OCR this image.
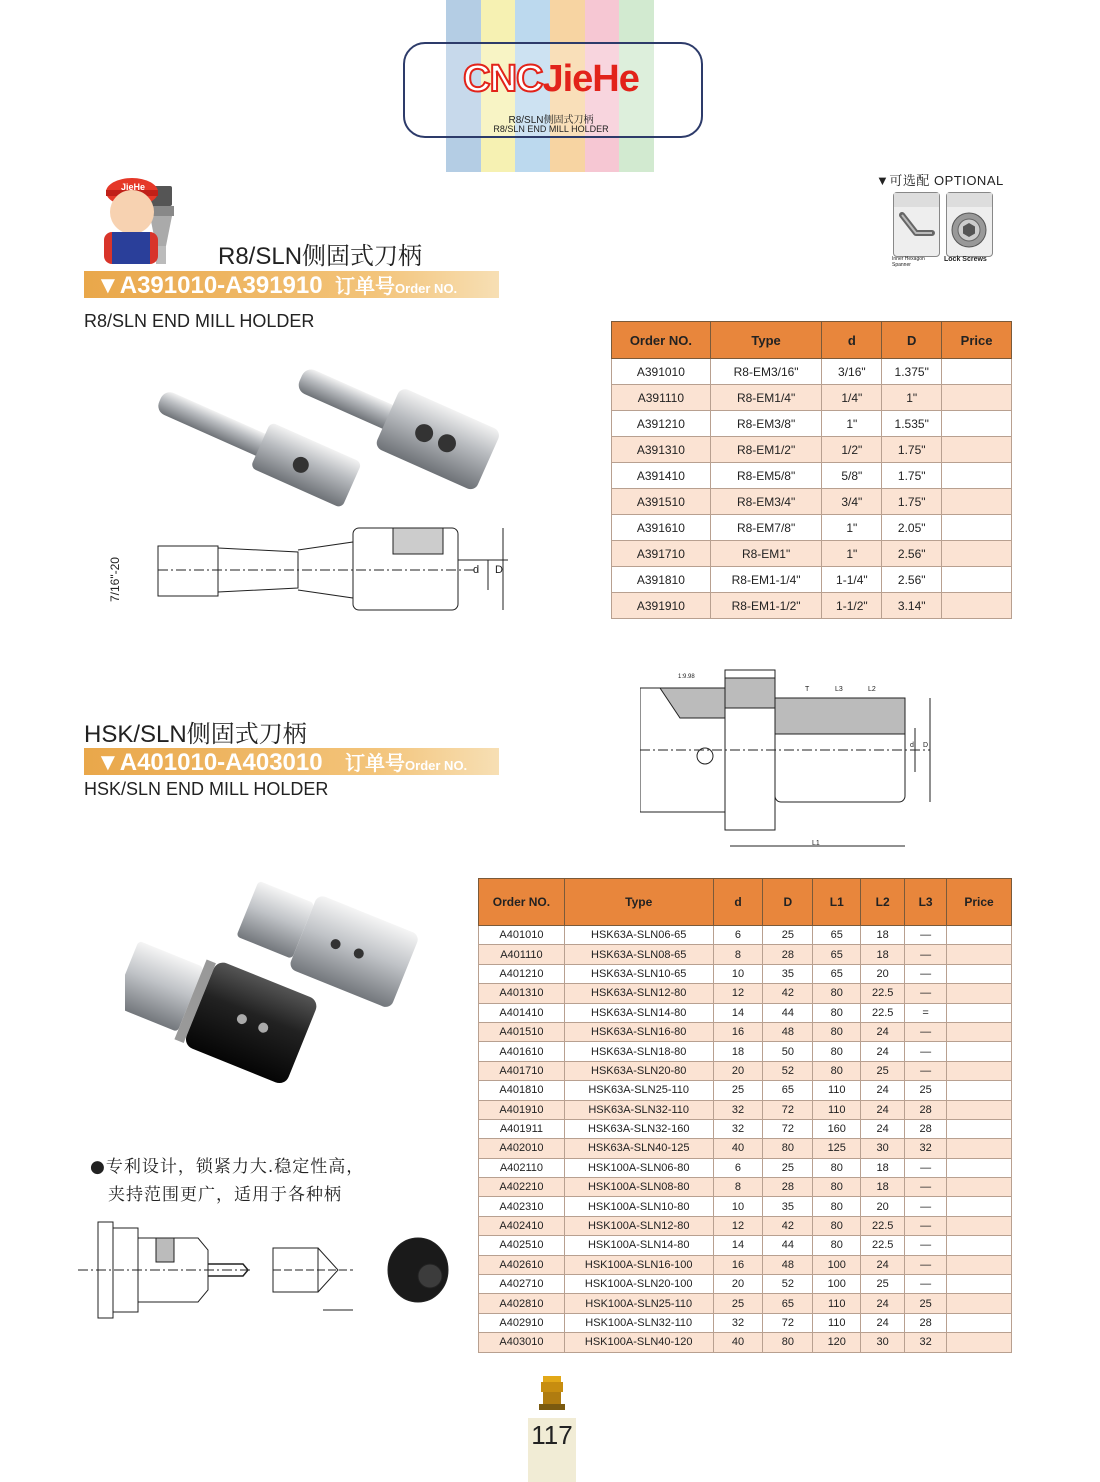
CNCJieHe
R8/SLN侧固式刀柄
R8/SLN END MILL HOLDER
▼可选配 OPTIONAL
Inner Hexagon Spanner
Lock Screws
JieHe
R8/SLN侧固式刀柄
▼A391010-A391910 订单号Order NO.
R8/SLN END MILL HOLDER
7/16"-20	d D
Order NO.	Type	d	D	Price
A391010	R8-EM3/16"	3/16"	1.375"	
A391110	R8-EM1/4"	1/4"	1"	
A391210	R8-EM3/8"	1"	1.535"	
A391310	R8-EM1/2"	1/2"	1.75"	
A391410	R8-EM5/8"	5/8"	1.75"	
A391510	R8-EM3/4"	3/4"	1.75"	
A391610	R8-EM7/8"	1"	2.05"	
A391710	R8-EM1"	1"	2.56"	
A391810	R8-EM1-1/4"	1-1/4"	2.56"	
A391910	R8-EM1-1/2"	1-1/2"	3.14"	
HSK/SLN侧固式刀柄
▼A401010-A403010 订单号Order NO.
HSK/SLN END MILL HOLDER
1:9.98
T	L3	L2
d D
L1
●专利设计，锁紧力大.稳定性高，
夹持范围更广，适用于各种柄
Order NO.	Type	d	D	L1	L2	L3	Price
A401010	HSK63A-SLN06-65	6	25	65	18	—	
A401110	HSK63A-SLN08-65	8	28	65	18	—	
A401210	HSK63A-SLN10-65	10	35	65	20	—	
A401310	HSK63A-SLN12-80	12	42	80	22.5	—	
A401410	HSK63A-SLN14-80	14	44	80	22.5	=	
A401510	HSK63A-SLN16-80	16	48	80	24	—	
A401610	HSK63A-SLN18-80	18	50	80	24	—	
A401710	HSK63A-SLN20-80	20	52	80	25	—	
A401810	HSK63A-SLN25-110	25	65	110	24	25	
A401910	HSK63A-SLN32-110	32	72	110	24	28	
A401911	HSK63A-SLN32-160	32	72	160	24	28	
A402010	HSK63A-SLN40-125	40	80	125	30	32	
A402110	HSK100A-SLN06-80	6	25	80	18	—	
A402210	HSK100A-SLN08-80	8	28	80	18	—	
A402310	HSK100A-SLN10-80	10	35	80	20	—	
A402410	HSK100A-SLN12-80	12	42	80	22.5	—	
A402510	HSK100A-SLN14-80	14	44	80	22.5	—	
A402610	HSK100A-SLN16-100	16	48	100	24	—	
A402710	HSK100A-SLN20-100	20	52	100	25	—	
A402810	HSK100A-SLN25-110	25	65	110	24	25	
A402910	HSK100A-SLN32-110	32	72	110	24	28	
A403010	HSK100A-SLN40-120	40	80	120	30	32	
117
